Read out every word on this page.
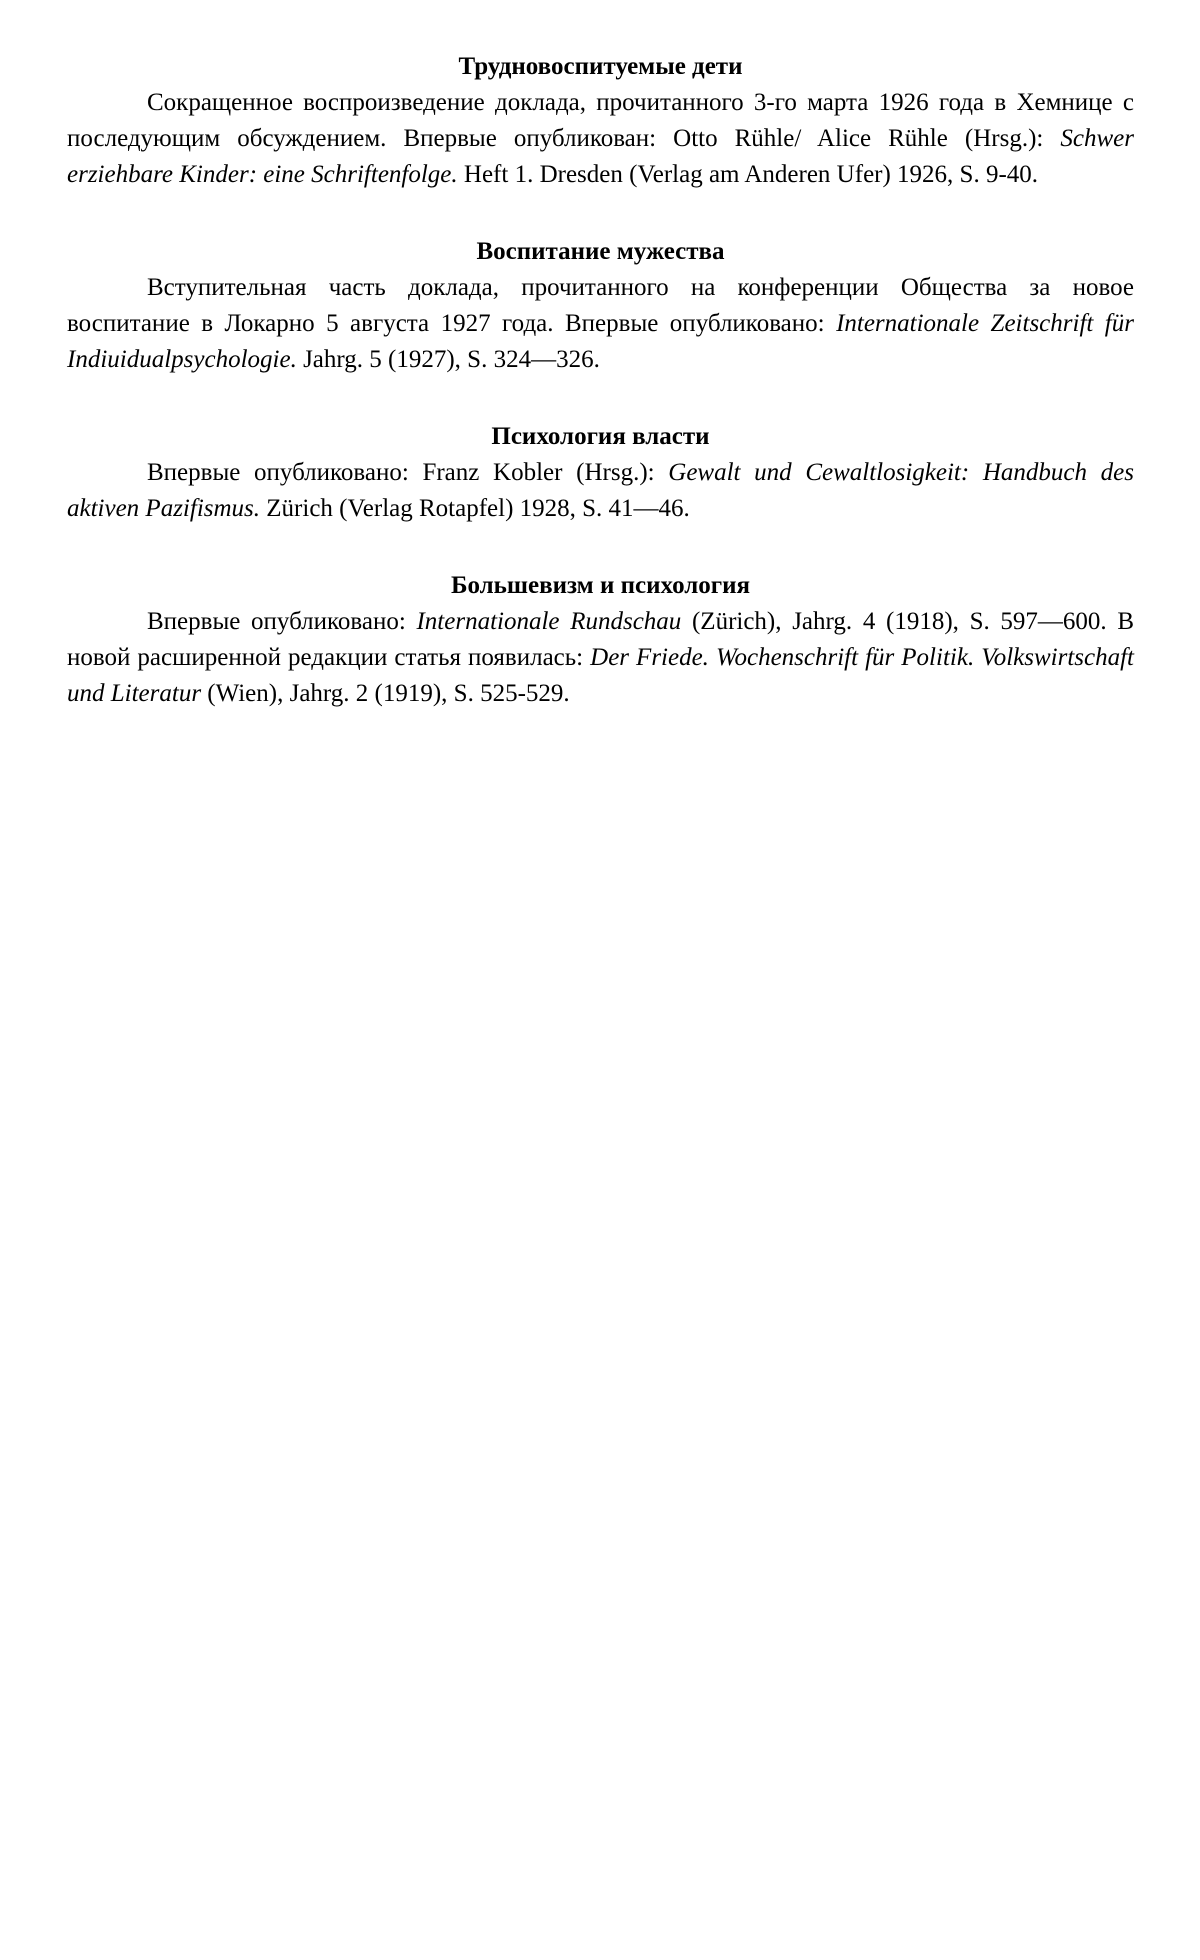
Трудновоспитуемые дети

Сокращенное воспроизведение доклада, прочитанного 3-го марта 1926 года в Хемнице с последующим обсуждением. Впервые опубликован: Otto Rühle/ Alice Rühle (Hrsg.): Schwer erziehbare Kinder: eine Schriftenfolge. Heft 1. Dresden (Verlag am Anderen Ufer) 1926, S. 9-40.

Воспитание мужества

Вступительная часть доклада, прочитанного на конференции Общества за новое воспитание в Локарно 5 августа 1927 года. Впервые опубликовано: Internationale Zeitschrift für Indiuidualpsychologie. Jahrg. 5 (1927), S. 324—326.

Психология власти

Впервые опубликовано: Franz Kobler (Hrsg.): Gewalt und Cewaltlosigkeit: Handbuch des aktiven Pazifismus. Zürich (Verlag Rotapfel) 1928, S. 41—46.

Большевизм и психология

Впервые опубликовано: Internationale Rundschau (Zürich), Jahrg. 4 (1918), S. 597—600. В новой расширенной редакции статья появилась: Der Friede. Wochenschrift für Politik. Volkswirtschaft und Literatur (Wien), Jahrg. 2 (1919), S. 525-529.
